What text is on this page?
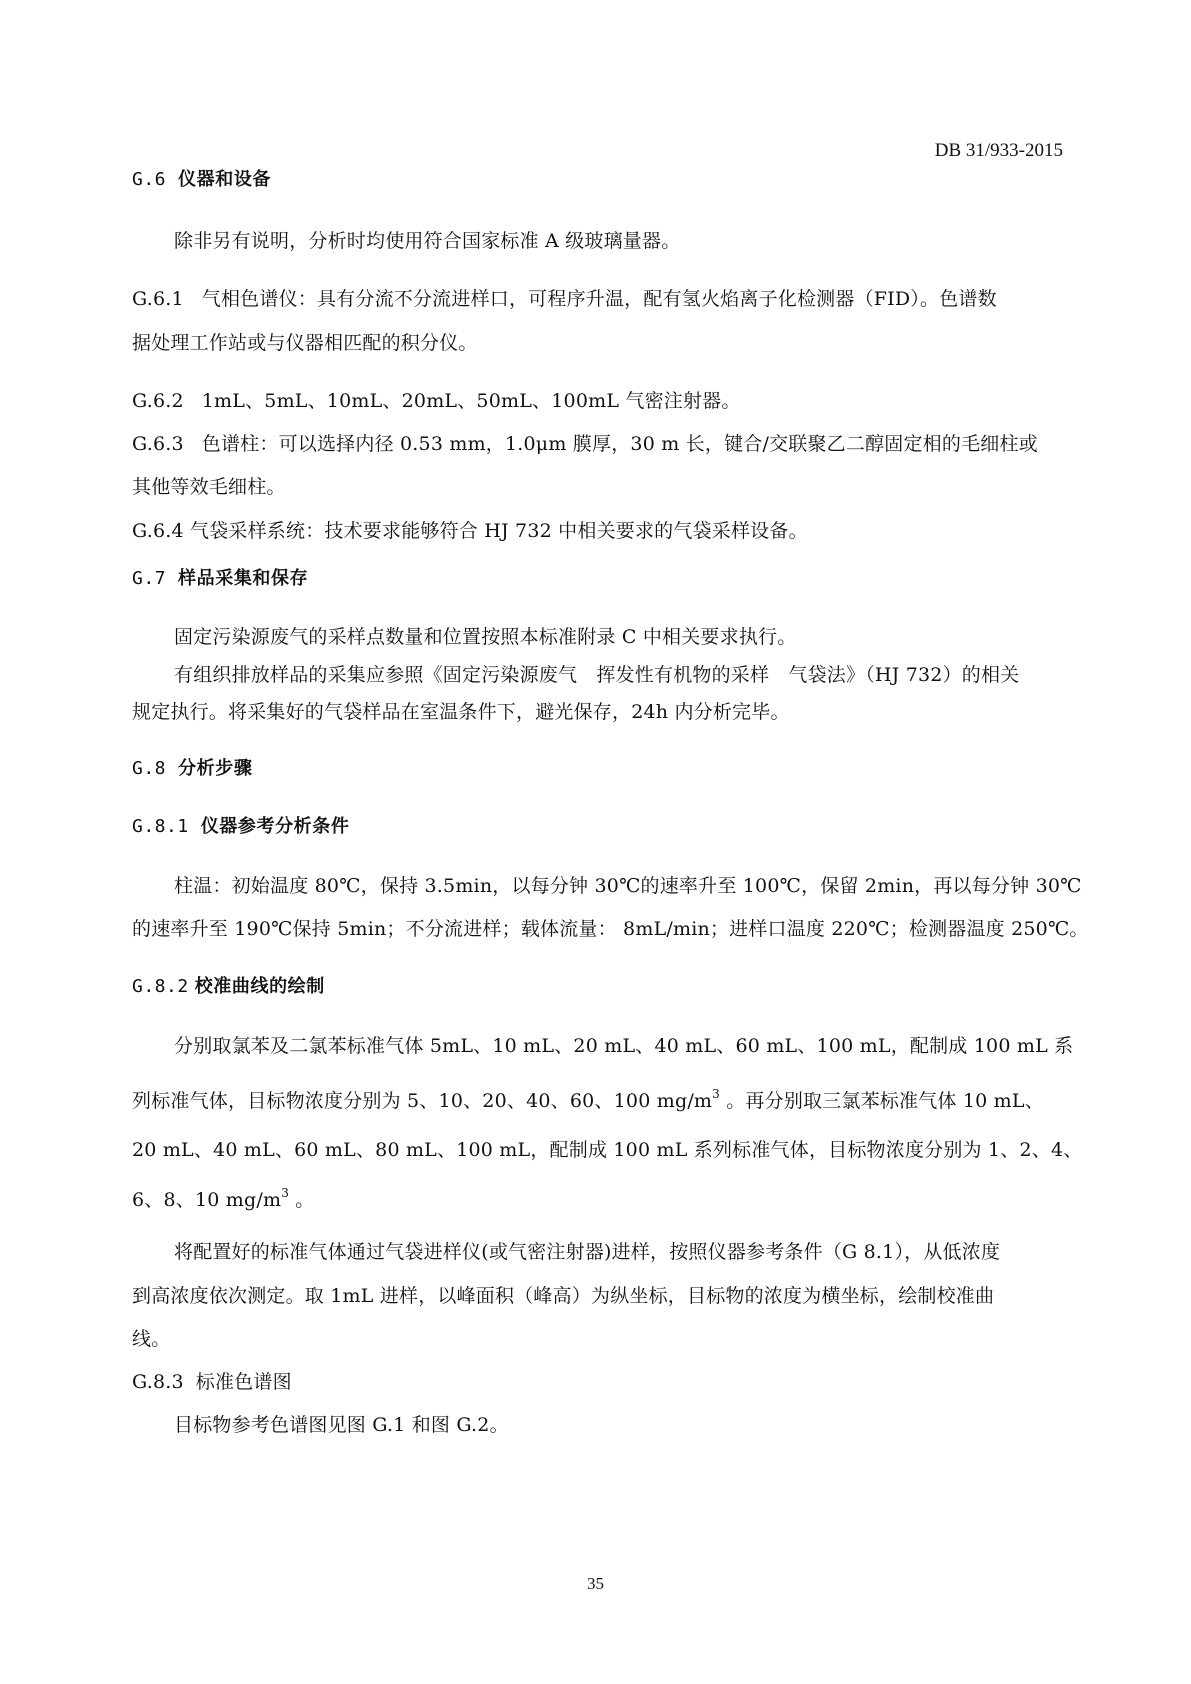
DB 31/933-2015
G.6 仪器和设备
除非另有说明，分析时均使用符合国家标准 A 级玻璃量器。
G.6.1 气相色谱仪：具有分流不分流进样口，可程序升温，配有氢火焰离子化检测器（FID）。色谱数
据处理工作站或与仪器相匹配的积分仪。
G.6.2 1mL、5mL、10mL、20mL、50mL、100mL 气密注射器。
G.6.3 色谱柱：可以选择内径 0.53 mm，1.0μm 膜厚，30 m 长，键合/交联聚乙二醇固定相的毛细柱或
其他等效毛细柱。
G.6.4 气袋采样系统：技术要求能够符合 HJ 732 中相关要求的气袋采样设备。
G.7 样品采集和保存
固定污染源废气的采样点数量和位置按照本标准附录 C 中相关要求执行。
有组织排放样品的采集应参照《固定污染源废气　挥发性有机物的采样　气袋法》（HJ 732）的相关
规定执行。将采集好的气袋样品在室温条件下，避光保存，24h 内分析完毕。
G.8 分析步骤
G.8.1 仪器参考分析条件
柱温：初始温度 80℃，保持 3.5min，以每分钟 30℃的速率升至 100℃，保留 2min，再以每分钟 30℃
的速率升至 190℃保持 5min；不分流进样；载体流量： 8mL/min；进样口温度 220℃；检测器温度 250℃。
G.8.2 校准曲线的绘制
分别取氯苯及二氯苯标准气体 5mL、10 mL、20 mL、40 mL、60 mL、100 mL，配制成 100 mL 系
列标准气体，目标物浓度分别为 5、10、20、40、60、100 $mg/m^3$ 。再分别取三氯苯标准气体 10 mL、
20 mL、40 mL、60 mL、80 mL、100 mL，配制成 100 mL 系列标准气体，目标物浓度分别为 1、2、4、
6、8、10 $mg/m^3$ 。
将配置好的标准气体通过气袋进样仪(或气密注射器)进样，按照仪器参考条件（G 8.1），从低浓度
到高浓度依次测定。取 1mL 进样，以峰面积（峰高）为纵坐标，目标物的浓度为横坐标，绘制校准曲
线。
G.8.3 标准色谱图
目标物参考色谱图见图 G.1 和图 G.2。
35
